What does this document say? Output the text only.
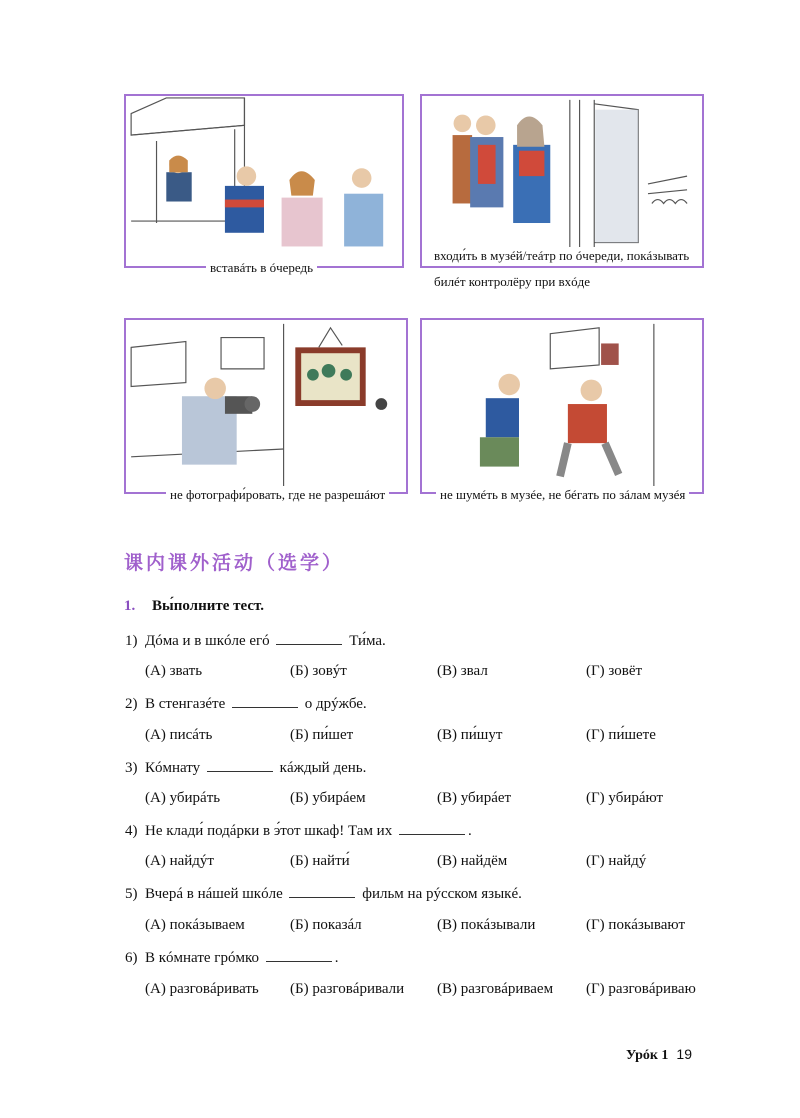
вставáть в óчередь
входи́ть в музéй/теáтр по óчереди, покáзывать
билéт контролёру при вхóде
не фотографи́ровать, где не разрешáют	не шумéть в музéе, не бéгать по зáлам музéя
课内课外活动（选学）
1. Вы́полните тест.
1) Дóма и в шкóле егó	Ти́ма.
(А) звать	(Б) зовýт	(В) звал	(Г) зовёт
2) В стенгазéте	о дрýжбе.
(А) писáть	(Б) пи́шет	(В) пи́шут	(Г) пи́шете
3) Кóмнату	кáждый день.
(А) убирáть	(Б) убирáем	(В) убирáет	(Г) убирáют
4) Не клади́ подáрки в э́тот шкаф! Там их	.
(А) найдýт	(Б) найти́	(В) найдём	(Г) найдý
5) Вчерá в нáшей шкóле	фильм на рýсском языкé.
(А) покáзываем	(Б) показáл	(В) покáзывали	(Г) покáзывают
6) В кóмнате грóмко	.
(А) разговáривать (Б) разговáривали (В) разговáриваем (Г) разговáриваю
Урóк 1 19
